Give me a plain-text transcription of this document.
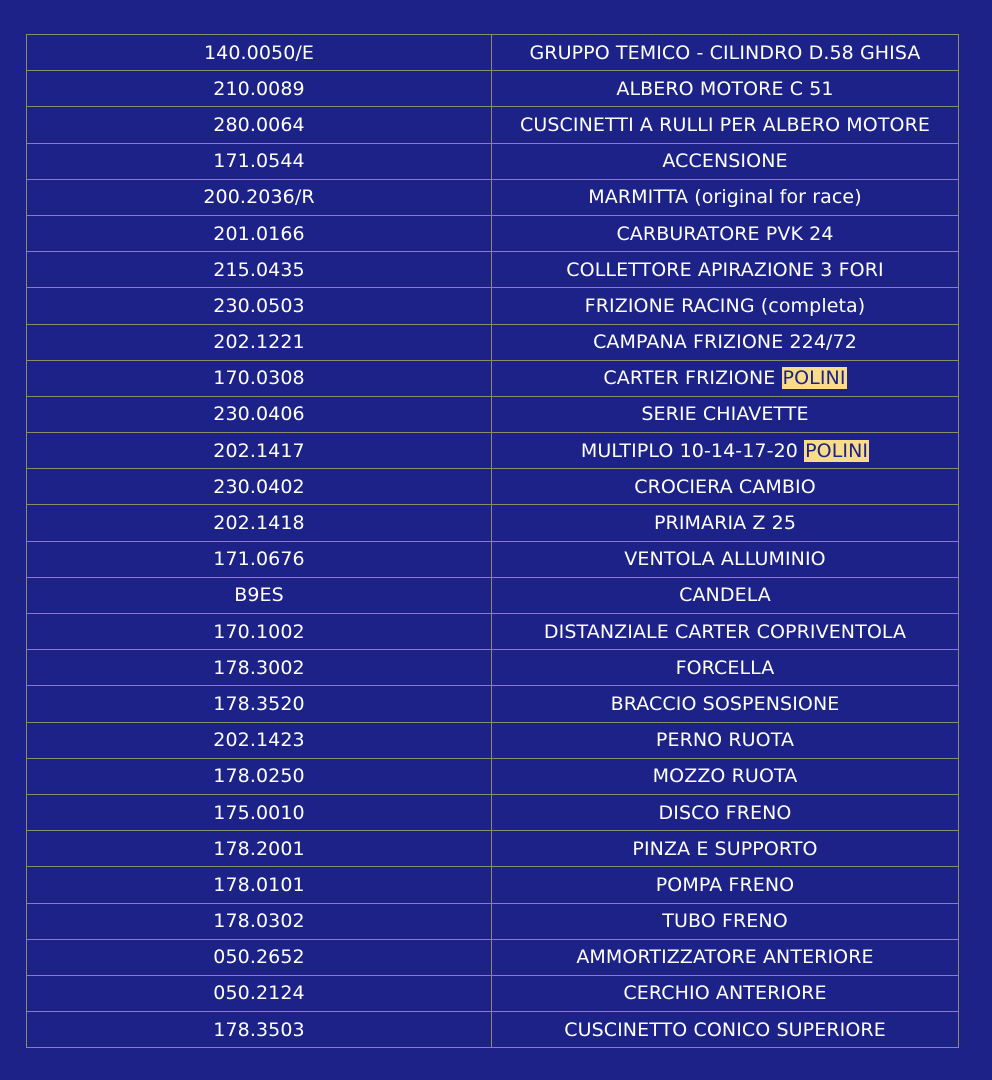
140.0050/E	GRUPPO TEMICO - CILINDRO D.58 GHISA
210.0089	ALBERO MOTORE C 51
280.0064	CUSCINETTI A RULLI PER ALBERO MOTORE
171.0544	ACCENSIONE
200.2036/R	MARMITTA (original for race)
201.0166	CARBURATORE PVK 24
215.0435	COLLETTORE APIRAZIONE 3 FORI
230.0503	FRIZIONE RACING (completa)
202.1221	CAMPANA FRIZIONE 224/72
170.0308	CARTER FRIZIONE POLINI
230.0406	SERIE CHIAVETTE
202.1417	MULTIPLO 10-14-17-20 POLINI
230.0402	CROCIERA CAMBIO
202.1418	PRIMARIA Z 25
171.0676	VENTOLA ALLUMINIO
B9ES	CANDELA
170.1002	DISTANZIALE CARTER COPRIVENTOLA
178.3002	FORCELLA
178.3520	BRACCIO SOSPENSIONE
202.1423	PERNO RUOTA
178.0250	MOZZO RUOTA
175.0010	DISCO FRENO
178.2001	PINZA E SUPPORTO
178.0101	POMPA FRENO
178.0302	TUBO FRENO
050.2652	AMMORTIZZATORE ANTERIORE
050.2124	CERCHIO ANTERIORE
178.3503	CUSCINETTO CONICO SUPERIORE
